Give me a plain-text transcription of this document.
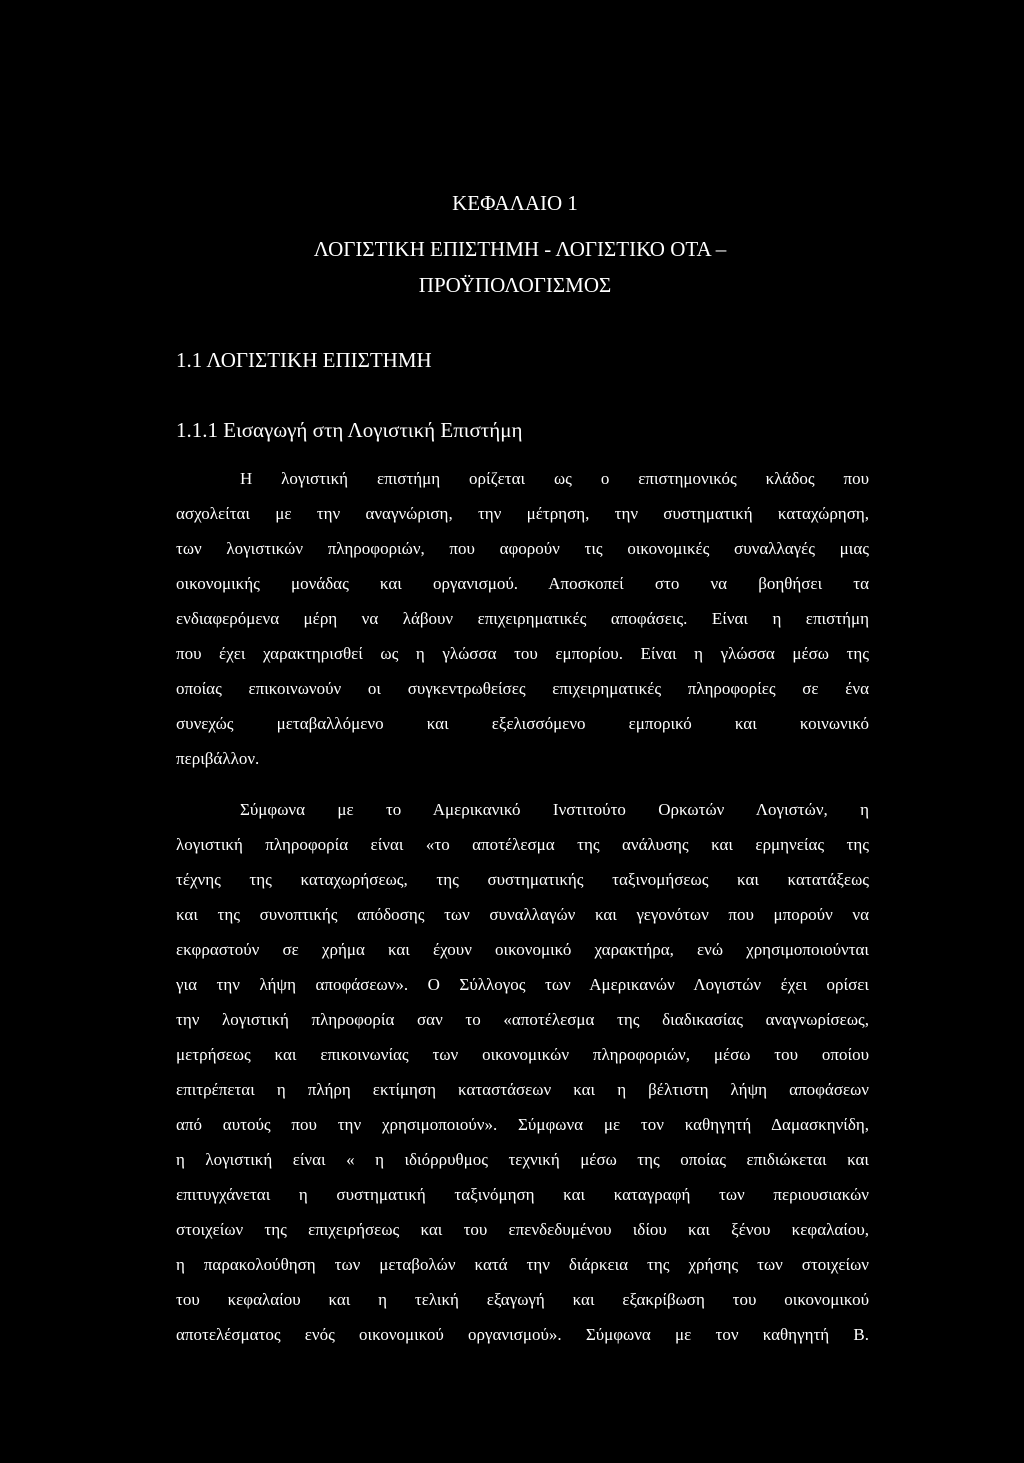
ΚΕΦΑΛΑΙΟ 1
ΛΟΓΙΣΤΙΚΗ ΕΠΙΣΤΗΜΗ - ΛΟΓΙΣΤΙΚΟ ΟΤΑ –
ΠΡΟΫΠΟΛΟΓΙΣΜΟΣ
1.1 ΛΟΓΙΣΤΙΚΗ ΕΠΙΣΤΗΜΗ
1.1.1 Εισαγωγή στη Λογιστική Επιστήμη
Η λογιστική επιστήμη ορίζεται ως ο επιστημονικός κλάδος που
ασχολείται με την αναγνώριση, την μέτρηση, την συστηματική καταχώρηση,
των λογιστικών πληροφοριών, που αφορούν τις οικονομικές συναλλαγές μιας
οικονομικής μονάδας και οργανισμού. Αποσκοπεί στο να βοηθήσει τα
ενδιαφερόμενα μέρη να λάβουν επιχειρηματικές αποφάσεις. Είναι η επιστήμη
που έχει χαρακτηρισθεί ως η γλώσσα του εμπορίου. Είναι η γλώσσα μέσω της
οποίας επικοινωνούν οι συγκεντρωθείσες επιχειρηματικές πληροφορίες σε ένα
συνεχώς μεταβαλλόμενο και εξελισσόμενο εμπορικό και κοινωνικό
περιβάλλον.
Σύμφωνα με το Αμερικανικό Ινστιτούτο Ορκωτών Λογιστών, η
λογιστική πληροφορία είναι «το αποτέλεσμα της ανάλυσης και ερμηνείας της
τέχνης της καταχωρήσεως, της συστηματικής ταξινομήσεως και κατατάξεως
και της συνοπτικής απόδοσης των συναλλαγών και γεγονότων που μπορούν να
εκφραστούν σε χρήμα και έχουν οικονομικό χαρακτήρα, ενώ χρησιμοποιούνται
για την λήψη αποφάσεων». Ο Σύλλογος των Αμερικανών Λογιστών έχει ορίσει
την λογιστική πληροφορία σαν το «αποτέλεσμα της διαδικασίας αναγνωρίσεως,
μετρήσεως και επικοινωνίας των οικονομικών πληροφοριών, μέσω του οποίου
επιτρέπεται η πλήρη εκτίμηση καταστάσεων και η βέλτιστη λήψη αποφάσεων
από αυτούς που την χρησιμοποιούν». Σύμφωνα με τον καθηγητή Δαμασκηνίδη,
η λογιστική είναι « η ιδιόρρυθμος τεχνική μέσω της οποίας επιδιώκεται και
επιτυγχάνεται η συστηματική ταξινόμηση και καταγραφή των περιουσιακών
στοιχείων της επιχειρήσεως και του επενδεδυμένου ιδίου και ξένου κεφαλαίου,
η παρακολούθηση των μεταβολών κατά την διάρκεια της χρήσης των στοιχείων
του κεφαλαίου και η τελική εξαγωγή και εξακρίβωση του οικονομικού
αποτελέσματος ενός οικονομικού οργανισμού». Σύμφωνα με τον καθηγητή Β.
